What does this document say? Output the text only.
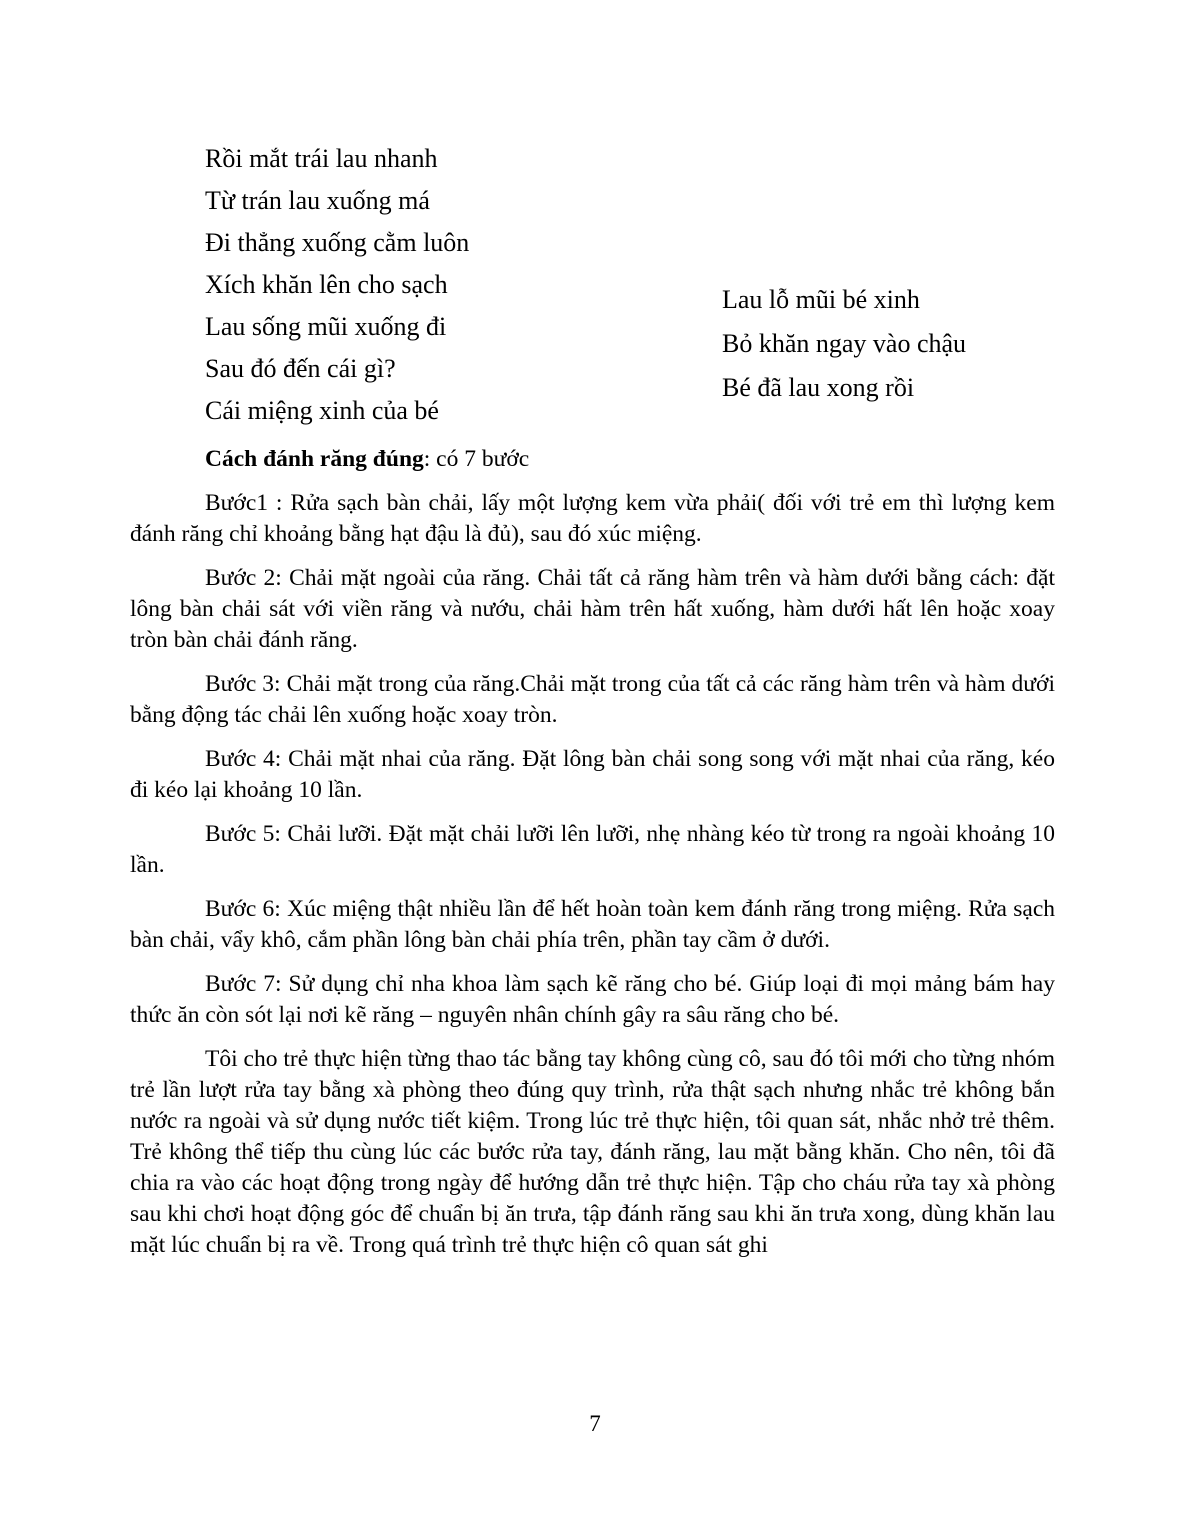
Rồi mắt trái lau nhanh
Từ trán lau xuống má
Đi thẳng xuống cằm luôn
Xích khăn lên cho sạch
Lau sống mũi xuống đi
Sau đó đến cái gì?
Cái miệng xinh của bé
Lau lỗ mũi bé xinh
Bỏ khăn ngay vào chậu
Bé đã lau xong rồi

Cách đánh răng đúng: có 7 bước

Bước1 : Rửa sạch bàn chải, lấy một lượng kem vừa phải( đối với trẻ em thì lượng kem đánh răng chỉ khoảng bằng hạt đậu là đủ), sau đó xúc miệng.

Bước 2: Chải mặt ngoài của răng. Chải tất cả răng hàm trên và hàm dưới bằng cách: đặt lông bàn chải sát với viền răng và nướu, chải hàm trên hất xuống, hàm dưới hất lên hoặc xoay tròn bàn chải đánh răng.

Bước 3: Chải mặt trong của răng.Chải mặt trong của tất cả các răng hàm trên và hàm dưới bằng động tác chải lên xuống hoặc xoay tròn.

Bước 4: Chải mặt nhai của răng. Đặt lông bàn chải song song với mặt nhai của răng, kéo đi kéo lại khoảng 10 lần.

Bước 5: Chải lưỡi. Đặt mặt chải lưỡi lên lưỡi, nhẹ nhàng kéo từ trong ra ngoài khoảng 10 lần.

Bước 6: Xúc miệng thật nhiều lần để hết hoàn toàn kem đánh răng trong miệng. Rửa sạch bàn chải, vẩy khô, cắm phần lông bàn chải phía trên, phần tay cầm ở dưới.

Bước 7: Sử dụng chỉ nha khoa làm sạch kẽ răng cho bé. Giúp loại đi mọi mảng bám hay thức ăn còn sót lại nơi kẽ răng – nguyên nhân chính gây ra sâu răng cho bé.

Tôi cho trẻ thực hiện từng thao tác bằng tay không cùng cô, sau đó tôi mới cho từng nhóm trẻ lần lượt rửa tay bằng xà phòng theo đúng quy trình, rửa thật sạch nhưng nhắc trẻ không bắn nước ra ngoài và sử dụng nước tiết kiệm. Trong lúc trẻ thực hiện, tôi quan sát, nhắc nhở trẻ thêm. Trẻ không thể tiếp thu cùng lúc các bước rửa tay, đánh răng, lau mặt bằng khăn. Cho nên, tôi đã chia ra vào các hoạt động trong ngày để hướng dẫn trẻ thực hiện. Tập cho cháu rửa tay xà phòng sau khi chơi hoạt động góc để chuẩn bị ăn trưa, tập đánh răng sau khi ăn trưa xong, dùng khăn lau mặt lúc chuẩn bị ra về. Trong quá trình trẻ thực hiện cô quan sát ghi

7
